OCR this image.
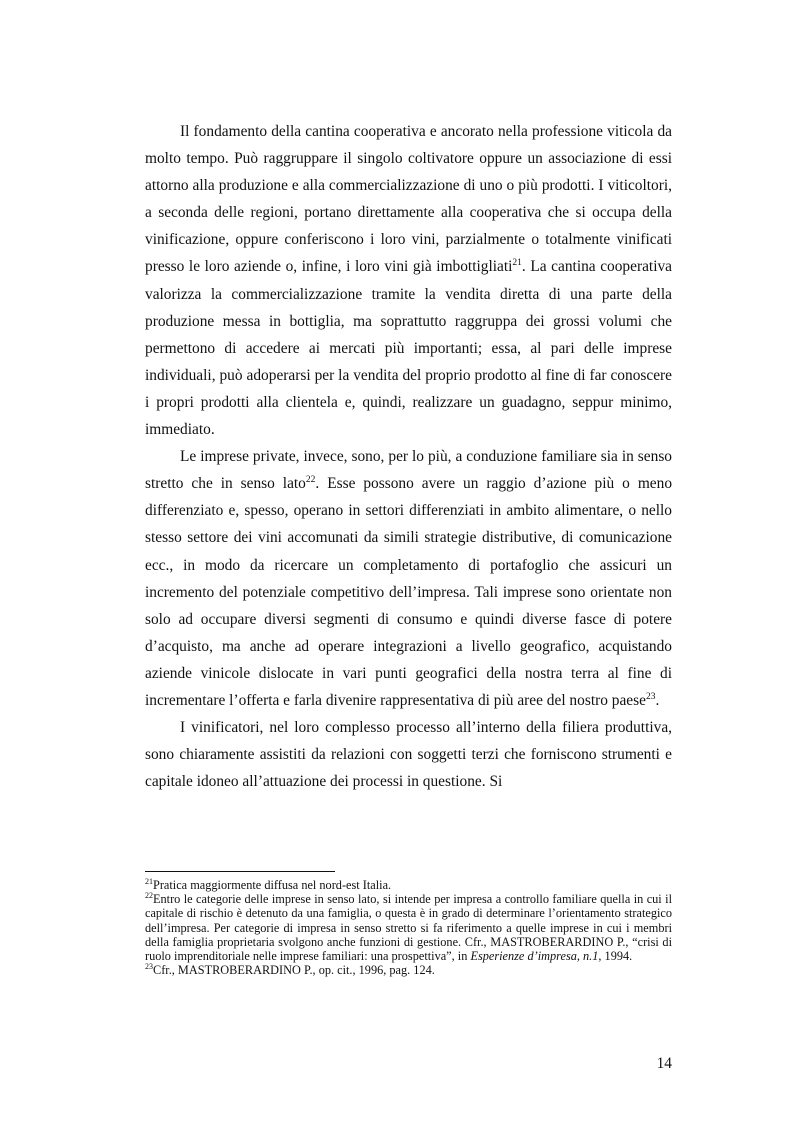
Il fondamento della cantina cooperativa e ancorato nella professione viticola da molto tempo. Può raggruppare il singolo coltivatore oppure un associazione di essi attorno alla produzione e alla commercializzazione di uno o più prodotti. I viticoltori, a seconda delle regioni, portano direttamente alla cooperativa che si occupa della vinificazione, oppure conferiscono i loro vini, parzialmente o totalmente vinificati presso le loro aziende o, infine, i loro vini già imbottigliati$^{21}$. La cantina cooperativa valorizza la commercializzazione tramite la vendita diretta di una parte della produzione messa in bottiglia, ma soprattutto raggruppa dei grossi volumi che permettono di accedere ai mercati più importanti; essa, al pari delle imprese individuali, può adoperarsi per la vendita del proprio prodotto al fine di far conoscere i propri prodotti alla clientela e, quindi, realizzare un guadagno, seppur minimo, immediato.

Le imprese private, invece, sono, per lo più, a conduzione familiare sia in senso stretto che in senso lato$^{22}$. Esse possono avere un raggio d’azione più o meno differenziato e, spesso, operano in settori differenziati in ambito alimentare, o nello stesso settore dei vini accomunati da simili strategie distributive, di comunicazione ecc., in modo da ricercare un completamento di portafoglio che assicuri un incremento del potenziale competitivo dell’impresa. Tali imprese sono orientate non solo ad occupare diversi segmenti di consumo e quindi diverse fasce di potere d’acquisto, ma anche ad operare integrazioni a livello geografico, acquistando aziende vinicole dislocate in vari punti geografici della nostra terra al fine di incrementare l’offerta e farla divenire rappresentativa di più aree del nostro paese$^{23}$.

I vinificatori, nel loro complesso processo all’interno della filiera produttiva, sono chiaramente assistiti da relazioni con soggetti terzi che forniscono strumenti e capitale idoneo all’attuazione dei processi in questione. Si

$^{21}$Pratica maggiormente diffusa nel nord-est Italia.

$^{22}$Entro le categorie delle imprese in senso lato, si intende per impresa a controllo familiare quella in cui il capitale di rischio è detenuto da una famiglia, o questa è in grado di determinare l’orientamento strategico dell’impresa. Per categorie di impresa in senso stretto si fa riferimento a quelle imprese in cui i membri della famiglia proprietaria svolgono anche funzioni di gestione. Cfr., MASTROBERARDINO P., “crisi di ruolo imprenditoriale nelle imprese familiari: una prospettiva”, in Esperienze d’impresa, n.1, 1994.

$^{23}$Cfr., MASTROBERARDINO P., op. cit., 1996, pag. 124.

14
